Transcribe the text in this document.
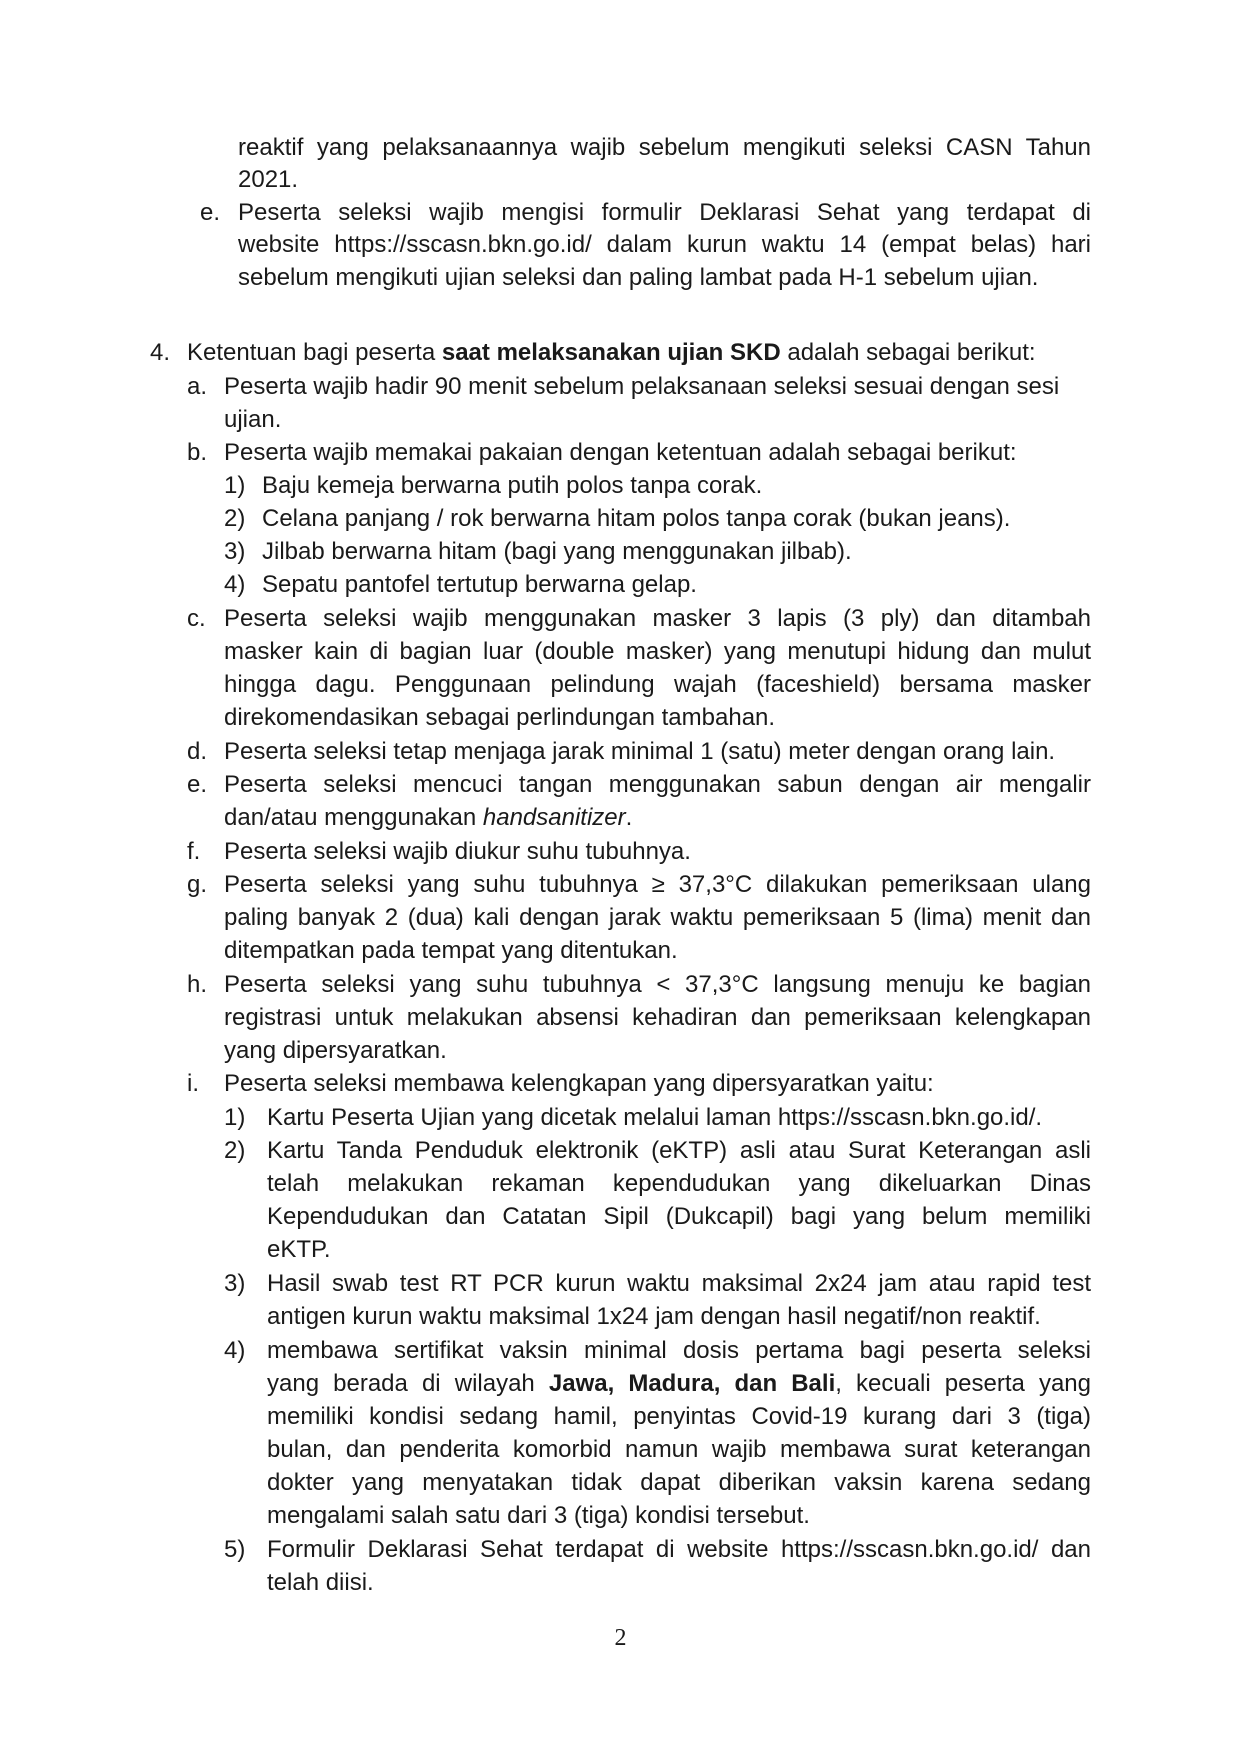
reaktif yang pelaksanaannya wajib sebelum mengikuti seleksi CASN Tahun
2021.
e. Peserta seleksi wajib mengisi formulir Deklarasi Sehat yang terdapat di
website https://sscasn.bkn.go.id/ dalam kurun waktu 14 (empat belas) hari
sebelum mengikuti ujian seleksi dan paling lambat pada H-1 sebelum ujian.
4. Ketentuan bagi peserta saat melaksanakan ujian SKD adalah sebagai berikut:
a. Peserta wajib hadir 90 menit sebelum pelaksanaan seleksi sesuai dengan sesi
ujian.
b. Peserta wajib memakai pakaian dengan ketentuan adalah sebagai berikut:
1) Baju kemeja berwarna putih polos tanpa corak.
2) Celana panjang / rok berwarna hitam polos tanpa corak (bukan jeans).
3) Jilbab berwarna hitam (bagi yang menggunakan jilbab).
4) Sepatu pantofel tertutup berwarna gelap.
c. Peserta seleksi wajib menggunakan masker 3 lapis (3 ply) dan ditambah
masker kain di bagian luar (double masker) yang menutupi hidung dan mulut
hingga dagu. Penggunaan pelindung wajah (faceshield) bersama masker
direkomendasikan sebagai perlindungan tambahan.
d. Peserta seleksi tetap menjaga jarak minimal 1 (satu) meter dengan orang lain.
e. Peserta seleksi mencuci tangan menggunakan sabun dengan air mengalir
dan/atau menggunakan handsanitizer.
f. Peserta seleksi wajib diukur suhu tubuhnya.
g. Peserta seleksi yang suhu tubuhnya ≥ 37,3°C dilakukan pemeriksaan ulang
paling banyak 2 (dua) kali dengan jarak waktu pemeriksaan 5 (lima) menit dan
ditempatkan pada tempat yang ditentukan.
h. Peserta seleksi yang suhu tubuhnya < 37,3°C langsung menuju ke bagian
registrasi untuk melakukan absensi kehadiran dan pemeriksaan kelengkapan
yang dipersyaratkan.
i. Peserta seleksi membawa kelengkapan yang dipersyaratkan yaitu:
1) Kartu Peserta Ujian yang dicetak melalui laman https://sscasn.bkn.go.id/.
2) Kartu Tanda Penduduk elektronik (eKTP) asli atau Surat Keterangan asli
telah melakukan rekaman kependudukan yang dikeluarkan Dinas
Kependudukan dan Catatan Sipil (Dukcapil) bagi yang belum memiliki
eKTP.
3) Hasil swab test RT PCR kurun waktu maksimal 2x24 jam atau rapid test
antigen kurun waktu maksimal 1x24 jam dengan hasil negatif/non reaktif.
4) membawa sertifikat vaksin minimal dosis pertama bagi peserta seleksi
yang berada di wilayah Jawa, Madura, dan Bali, kecuali peserta yang
memiliki kondisi sedang hamil, penyintas Covid-19 kurang dari 3 (tiga)
bulan, dan penderita komorbid namun wajib membawa surat keterangan
dokter yang menyatakan tidak dapat diberikan vaksin karena sedang
mengalami salah satu dari 3 (tiga) kondisi tersebut.
5) Formulir Deklarasi Sehat terdapat di website https://sscasn.bkn.go.id/ dan
telah diisi.
2
